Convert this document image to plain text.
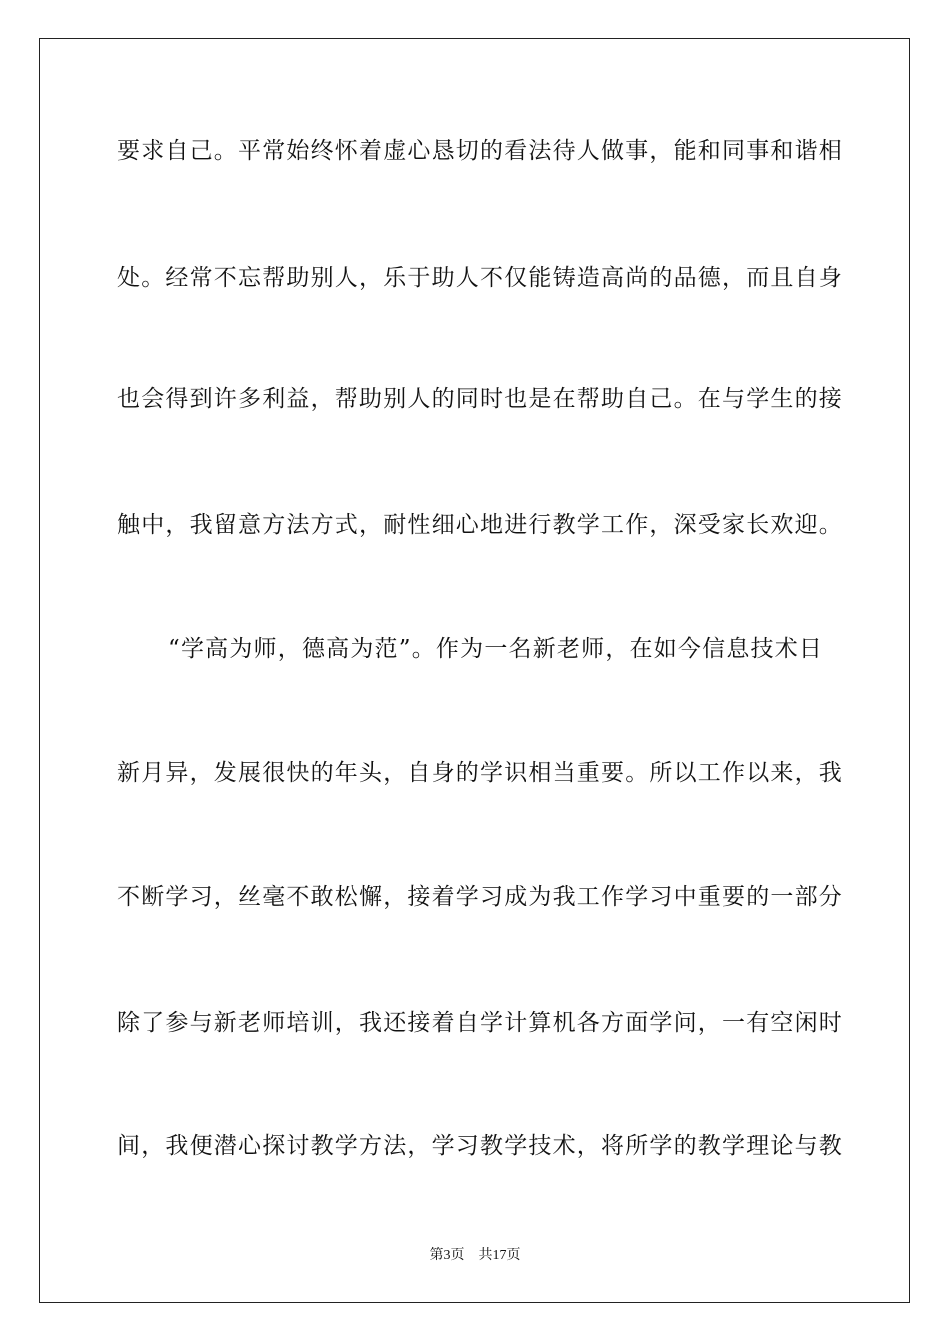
要求自己。平常始终怀着虚心恳切的看法待人做事，能和同事和谐相
处。经常不忘帮助别人，乐于助人不仅能铸造高尚的品德，而且自身
也会得到许多利益，帮助别人的同时也是在帮助自己。在与学生的接
触中，我留意方法方式，耐性细心地进行教学工作，深受家长欢迎。
“学高为师，德高为范”。作为一名新老师，在如今信息技术日
新月异，发展很快的年头，自身的学识相当重要。所以工作以来，我
不断学习，丝毫不敢松懈，接着学习成为我工作学习中重要的一部分
除了参与新老师培训，我还接着自学计算机各方面学问，一有空闲时
间，我便潜心探讨教学方法，学习教学技术，将所学的教学理论与教
第3页 共17页
